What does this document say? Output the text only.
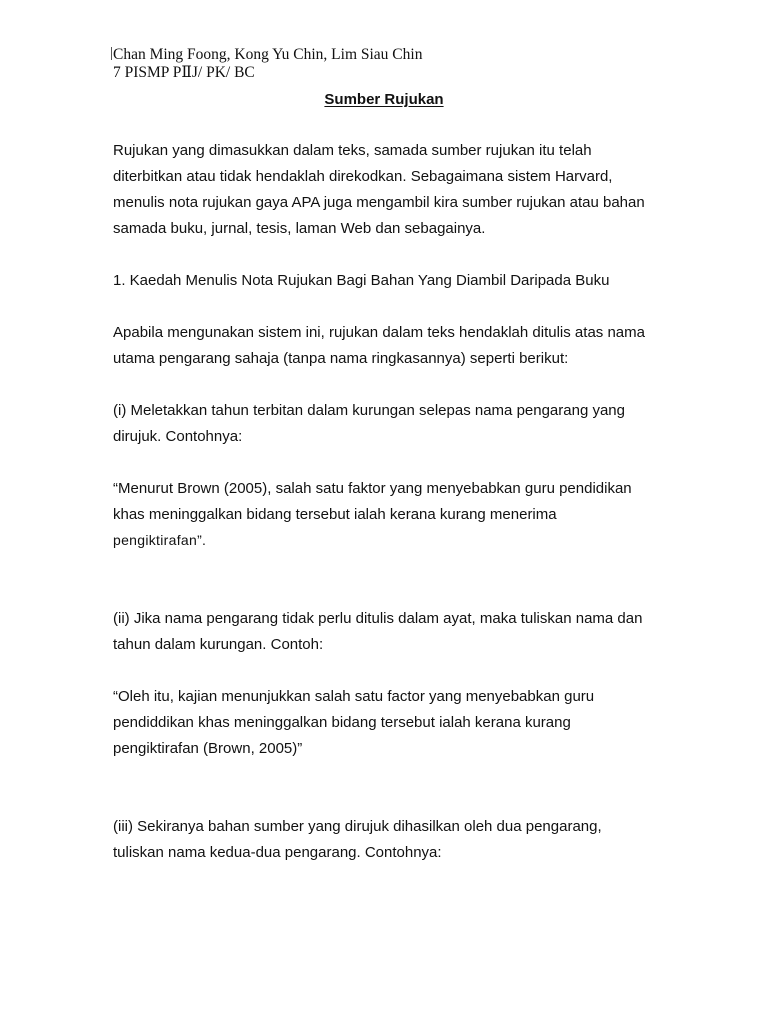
Chan Ming Foong, Kong Yu Chin, Lim Siau Chin
7 PISMP PⅡJ/ PK/ BC
Sumber Rujukan
Rujukan yang dimasukkan dalam teks, samada sumber rujukan itu telah
diterbitkan atau tidak hendaklah direkodkan. Sebagaimana sistem Harvard,
menulis nota rujukan gaya APA juga mengambil kira sumber rujukan atau bahan
samada buku, jurnal, tesis, laman Web dan sebagainya.
1. Kaedah Menulis Nota Rujukan Bagi Bahan Yang Diambil Daripada Buku
Apabila mengunakan sistem ini, rujukan dalam teks hendaklah ditulis atas nama
utama pengarang sahaja (tanpa nama ringkasannya) seperti berikut:
(i) Meletakkan tahun terbitan dalam kurungan selepas nama pengarang yang
dirujuk. Contohnya:
“Menurut Brown (2005), salah satu faktor yang menyebabkan guru pendidikan
khas meninggalkan bidang tersebut ialah kerana kurang menerima
pengiktirafan”.
(ii) Jika nama pengarang tidak perlu ditulis dalam ayat, maka tuliskan nama dan
tahun dalam kurungan. Contoh:
“Oleh itu, kajian menunjukkan salah satu factor yang menyebabkan guru
pendiddikan khas meninggalkan bidang tersebut ialah kerana kurang
pengiktirafan (Brown, 2005)”
(iii) Sekiranya bahan sumber yang dirujuk dihasilkan oleh dua pengarang,
tuliskan nama kedua-dua pengarang. Contohnya:
